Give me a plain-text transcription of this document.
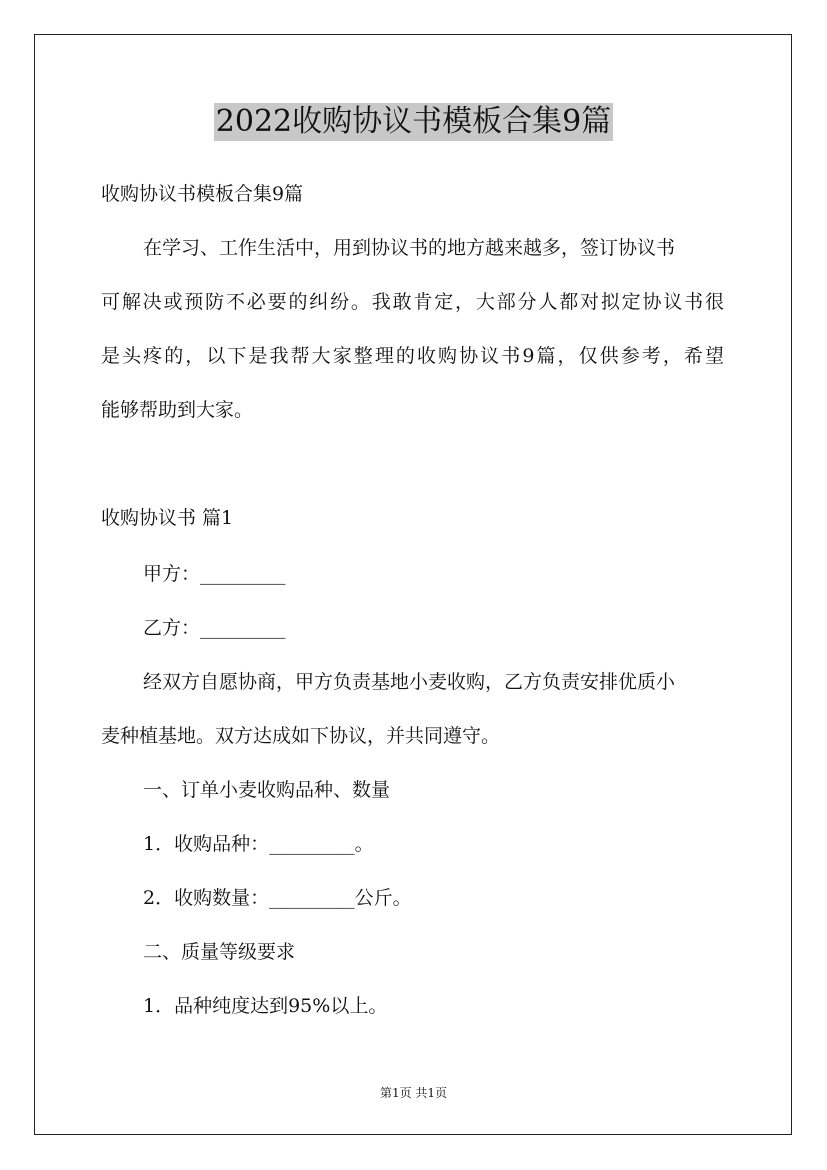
2022收购协议书模板合集9篇
收购协议书模板合集9篇
在学习、工作生活中，用到协议书的地方越来越多，签订协议书
可解决或预防不必要的纠纷。我敢肯定，大部分人都对拟定协议书很
是头疼的，以下是我帮大家整理的收购协议书9篇，仅供参考，希望
能够帮助到大家。
收购协议书 篇1
甲方：_________
乙方：_________
经双方自愿协商，甲方负责基地小麦收购，乙方负责安排优质小
麦种植基地。双方达成如下协议，并共同遵守。
一、订单小麦收购品种、数量
1．收购品种：_________。
2．收购数量：_________公斤。
二、质量等级要求
1．品种纯度达到95%以上。
第1页 共1页
